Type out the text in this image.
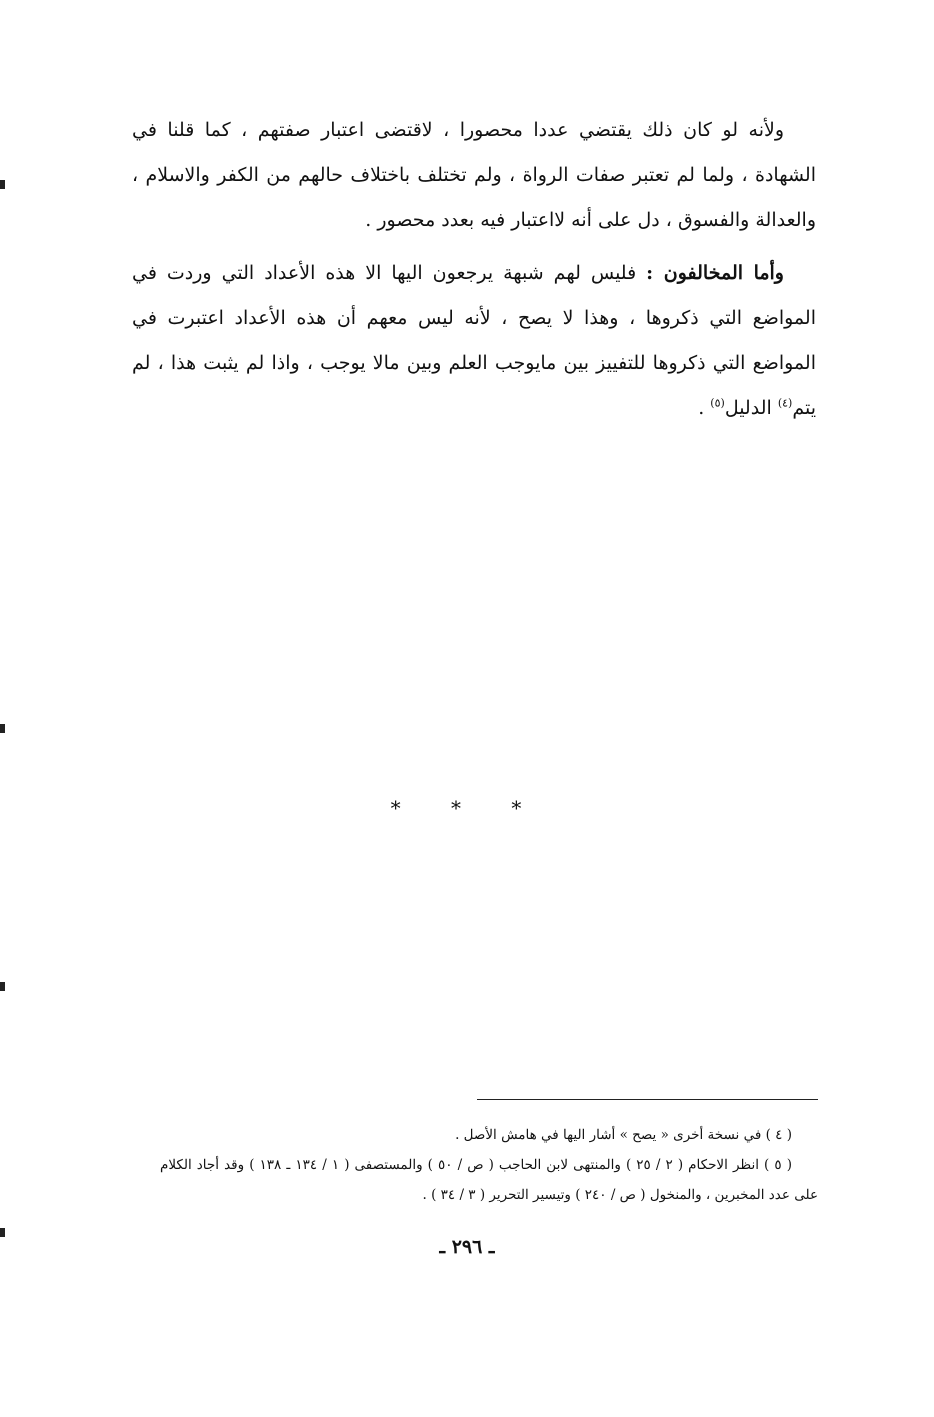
ولأنه لو كان ذلك يقتضي عددا محصورا ، لاقتضى اعتبار صفتهم ، كما قلنا في الشهادة ، ولما لم تعتبر صفات الرواة ، ولم تختلف باختلاف حالهم من الكفر والاسلام ، والعدالة والفسوق ، دل على أنه لااعتبار فيه بعدد محصور .

وأما المخالفون : فليس لهم شبهة يرجعون اليها الا هذه الأعداد التي وردت في المواضع التي ذكروها ، وهذا لا يصح ، لأنه ليس معهم أن هذه الأعداد اعتبرت في المواضع التي ذكروها للتفييز بين مايوجب العلم وبين مالا يوجب ، واذا لم يثبت هذا ، لم يتم$^{(٤)}$ الدليل$^{(٥)}$ .

* * *

( ٤ ) في نسخة أخرى « يصح » أشار اليها في هامش الأصل .

( ٥ ) انظر الاحكام ( ٢ / ٢٥ ) والمنتهى لابن الحاجب ( ص / ٥٠ ) والمستصفى ( ١ / ١٣٤ ـ ١٣٨ ) وقد أجاد الكلام على عدد المخبرين ، والمنخول ( ص / ٢٤٠ ) وتيسير التحرير ( ٣ / ٣٤ ) .

ـ ٢٩٦ ـ
